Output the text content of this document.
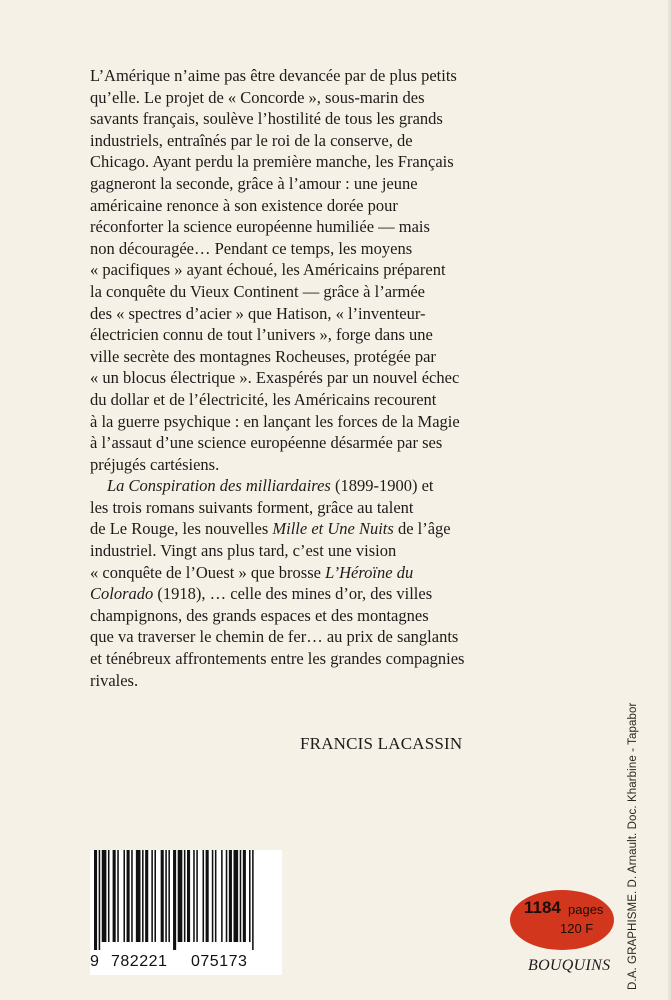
L’Amérique n’aime pas être devancée par de plus petits
qu’elle. Le projet de « Concorde », sous-marin des
savants français, soulève l’hostilité de tous les grands
industriels, entraînés par le roi de la conserve, de
Chicago. Ayant perdu la première manche, les Français
gagneront la seconde, grâce à l’amour : une jeune
américaine renonce à son existence dorée pour
réconforter la science européenne humiliée — mais
non découragée… Pendant ce temps, les moyens
« pacifiques » ayant échoué, les Américains préparent
la conquête du Vieux Continent — grâce à l’armée
des « spectres d’acier » que Hatison, « l’inventeur-
électricien connu de tout l’univers », forge dans une
ville secrète des montagnes Rocheuses, protégée par
« un blocus électrique ». Exaspérés par un nouvel échec
du dollar et de l’électricité, les Américains recourent
à la guerre psychique : en lançant les forces de la Magie
à l’assaut d’une science européenne désarmée par ses
préjugés cartésiens.

La Conspiration des milliardaires (1899-1900) et
les trois romans suivants forment, grâce au talent
de Le Rouge, les nouvelles Mille et Une Nuits de l’âge
industriel. Vingt ans plus tard, c’est une vision
« conquête de l’Ouest » que brosse L’Héroïne du
Colorado (1918), … celle des mines d’or, des villes
champignons, des grands espaces et des montagnes
que va traverser le chemin de fer… au prix de sanglants
et ténébreux affrontements entre les grandes compagnies
rivales.

FRANCIS LACASSIN
9 782221 075173
1184 pages
120 F
BOUQUINS D.A. GRAPHISME. D. Arnault. Doc. Kharbine - Tapabor
